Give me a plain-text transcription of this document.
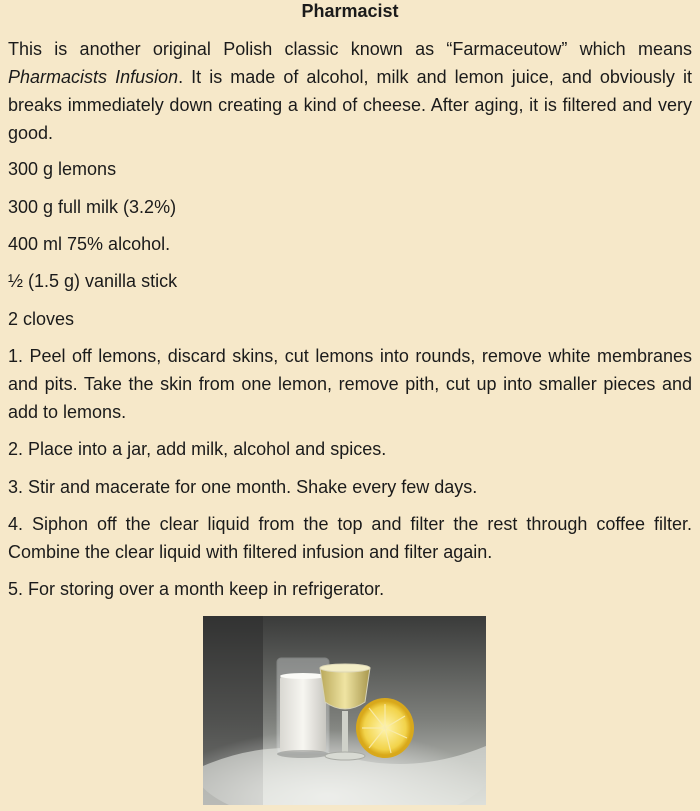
Pharmacist
This is another original Polish classic known as “Farmaceutow” which means Pharmacists Infusion. It is made of alcohol, milk and lemon juice, and obviously it breaks immediately down creating a kind of cheese. After aging, it is filtered and very good.
300 g lemons
300 g full milk (3.2%)
400 ml 75% alcohol.
½ (1.5 g) vanilla stick
2 cloves
1. Peel off lemons, discard skins, cut lemons into rounds, remove white membranes and pits. Take the skin from one lemon, remove pith, cut up into smaller pieces and add to lemons.
2. Place into a jar, add milk, alcohol and spices.
3. Stir and macerate for one month. Shake every few days.
4. Siphon off the clear liquid from the top and filter the rest through coffee filter. Combine the clear liquid with filtered infusion and filter again.
5. For storing over a month keep in refrigerator.
